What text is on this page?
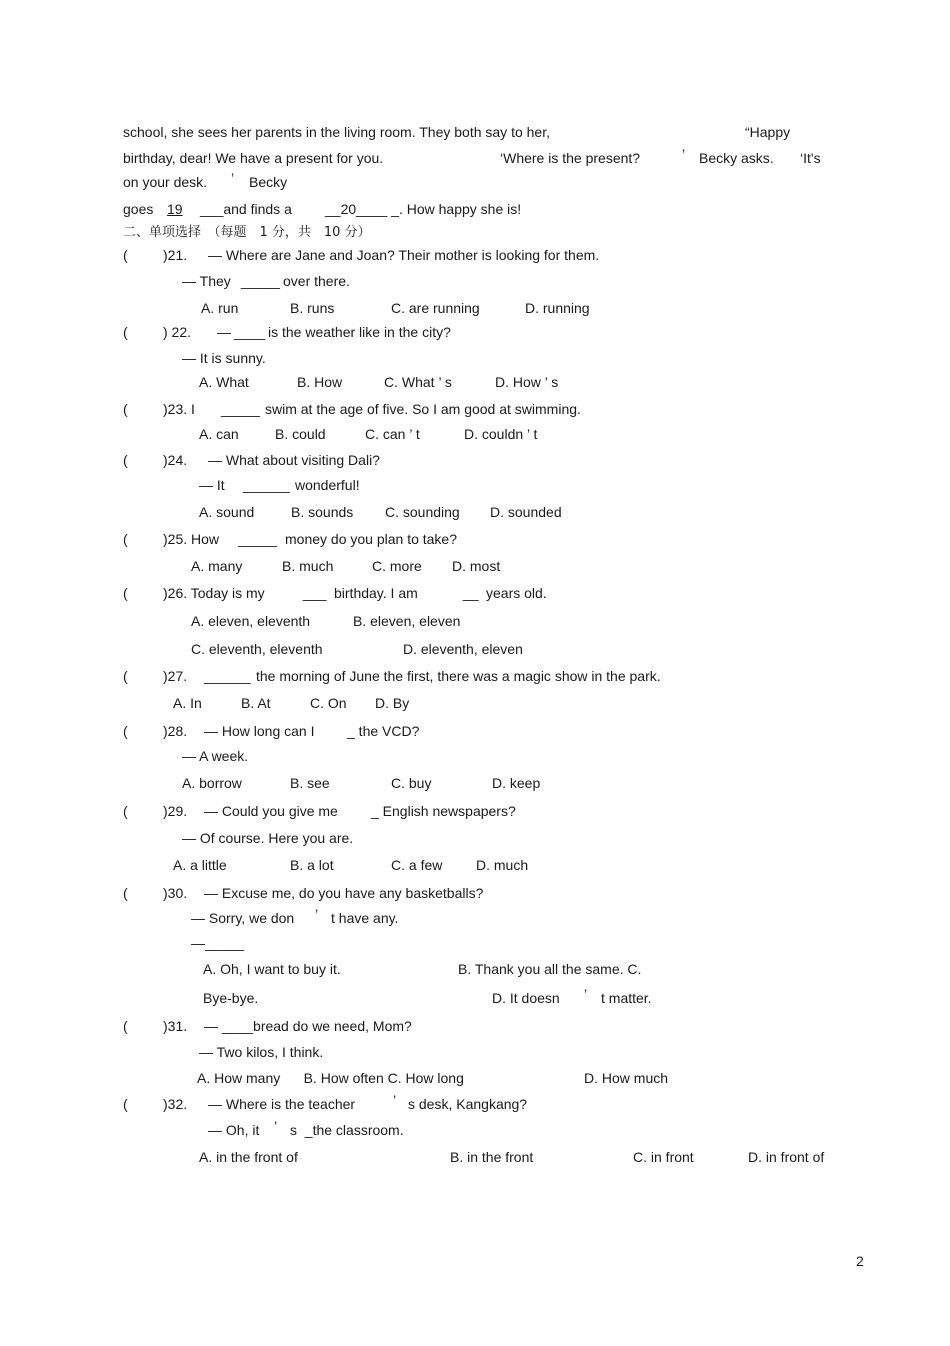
school, she sees her parents in the living room. They both say to her,	“Happy
birthday, dear! We have a present for you.	‘Where is the present?	’ Becky asks. ‘It's
on your desk. ’ Becky
goes 19 ___and finds a __20____ _. How happy she is!
二、单项选择　（每题　1 分，共　10 分）
(	)21. — Where are Jane and Joan? Their mother is looking for them.
— They _____ over there.
A. run	B. runs	C. are running	D. running
(	) 22. — ____ is the weather like in the city?
— It is sunny.
A. What	B. How	C. What ’ s	D. How ’ s
(	)23. I _____ swim at the age of five. So I am good at swimming.
A. can	B. could	C. can ’ t	D. couldn ’ t
(	)24. — What about visiting Dali?
— It ______ wonderful!
A. sound	B. sounds C. sounding D. sounded
(	)25. How _____ money do you plan to take?
A. many	B. much	C. more D. most
(	)26. Today is my	___ birthday. I am	__ years old.
A. eleven, eleventh	B. eleven, eleven
C. eleventh, eleventh	D. eleventh, eleven
(	)27. ______ the morning of June the first, there was a magic show in the park.
A. In	B. At	C. On D. By
(	)28. — How long can I _ the VCD?
— A week.
A. borrow	B. see	C. buy	D. keep
(	)29. — Could you give me _ English newspapers?
— Of course. Here you are.
A. a little	B. a lot	C. a few D. much
(	)30. — Excuse me, do you have any basketballs?
— Sorry, we don ’ t have any.
—_____
A. Oh, I want to buy it.	B. Thank you all the same. C.
Bye-bye.	D. It doesn ’ t matter.
(	)31. — ____bread do we need, Mom?
— Two kilos, I think.
A. How many      B. How often C. How long	D. How much
(	)32. — Where is the teacher	’ s desk, Kangkang?
— Oh, it ’ s  _the classroom.
A. in the front of	B. in the front	C. in front	D. in front of
2
